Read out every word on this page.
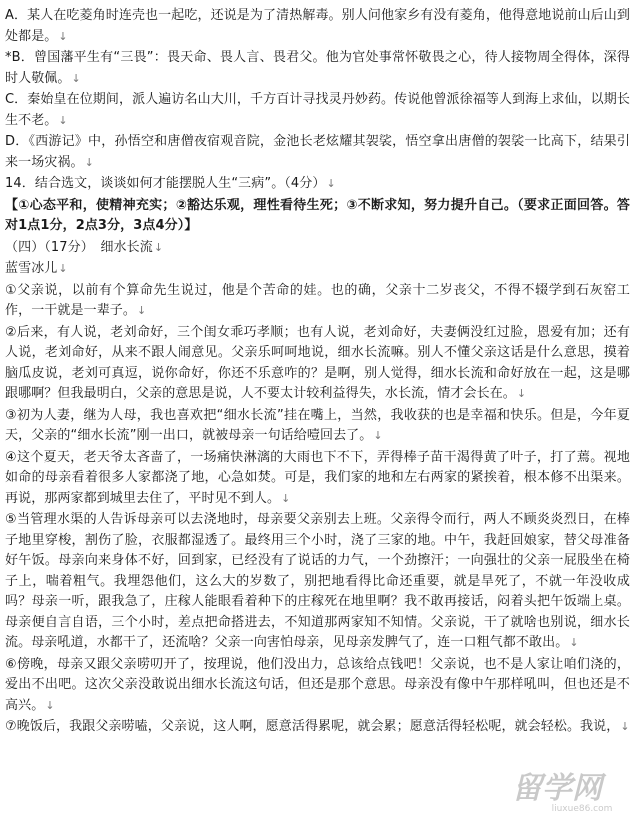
A．某人在吃菱角时连壳也一起吃，还说是为了清热解毒。别人问他家乡有没有菱角，他得意地说前山后山到处都是。↓

*B．曾国藩平生有“三畏”：畏天命、畏人言、畏君父。他为官处事常怀敬畏之心，待人接物周全得体，深得时人敬佩。↓

C．秦始皇在位期间，派人遍访名山大川，千方百计寻找灵丹妙药。传说他曾派徐福等人到海上求仙，以期长生不老。↓

D．《西游记》中，孙悟空和唐僧夜宿观音院，金池长老炫耀其袈裟，悟空拿出唐僧的袈裟一比高下，结果引来一场灾祸。↓

14．结合选文，谈谈如何才能摆脱人生“三病”。（4分）↓

【①心态平和，使精神充实；②豁达乐观，理性看待生死；③不断求知，努力提升自己。（要求正面回答。答对1点1分，2点3分，3点4分）】

（四）（17分）　细水长流↓

蓝雪冰儿↓

①父亲说，以前有个算命先生说过，他是个苦命的娃。也的确，父亲十二岁丧父，不得不辍学到石灰窑工作，一干就是一辈子。↓

②后来，有人说，老刘命好，三个闺女乖巧孝顺；也有人说，老刘命好，夫妻俩没红过脸，恩爱有加；还有人说，老刘命好，从来不跟人闹意见。父亲乐呵呵地说，细水长流嘛。别人不懂父亲这话是什么意思，摸着脑瓜皮说，老刘可真逗，说你命好，你还不乐意咋的？是啊，别人觉得，细水长流和命好放在一起，这是哪跟哪啊？但我最明白，父亲的意思是说，人不要太计较利益得失，水长流，情才会长在。↓

③初为人妻，继为人母，我也喜欢把“细水长流”挂在嘴上，当然，我收获的也是幸福和快乐。但是，今年夏天，父亲的“细水长流”刚一出口，就被母亲一句话给噎回去了。↓

④这个夏天，老天爷太吝啬了，一场痛快淋漓的大雨也下不下，弄得棒子苗干渴得黄了叶子，打了蔫。视地如命的母亲看着很多人家都浇了地，心急如焚。可是，我们家的地和左右两家的紧挨着，根本修不出渠来。再说，那两家都到城里去住了，平时见不到人。↓

⑤当管理水渠的人告诉母亲可以去浇地时，母亲要父亲别去上班。父亲得令而行，两人不顾炎炎烈日，在棒子地里穿梭，割伤了脸，衣服都湿透了。最终用三个小时，浇了三家的地。中午，我赶回娘家，替父母准备好午饭。母亲向来身体不好，回到家，已经没有了说话的力气，一个劲擦汗；一向强壮的父亲一屁股坐在椅子上，喘着粗气。我埋怨他们，这么大的岁数了，别把地看得比命还重要，就是旱死了，不就一年没收成吗？母亲一听，跟我急了，庄稼人能眼看着种下的庄稼死在地里啊？我不敢再接话，闷着头把午饭端上桌。母亲便自言自语，三个小时，差点把命搭进去，不知道那两家知不知情。父亲说，干了就啥也别说，细水长流。母亲吼道，水都干了，还流啥？父亲一向害怕母亲，见母亲发脾气了，连一口粗气都不敢出。↓

⑥傍晚，母亲又跟父亲唠叨开了，按理说，他们没出力，总该给点钱吧！父亲说，也不是人家让咱们浇的，爱出不出吧。这次父亲没敢说出细水长流这句话，但还是那个意思。母亲没有像中午那样吼叫，但也还是不高兴。↓

⑦晚饭后，我跟父亲唠嗑，父亲说，这人啊，愿意活得累呢，就会累；愿意活得轻松呢，就会轻松。我说，↓

留学网
liuxue86.com
